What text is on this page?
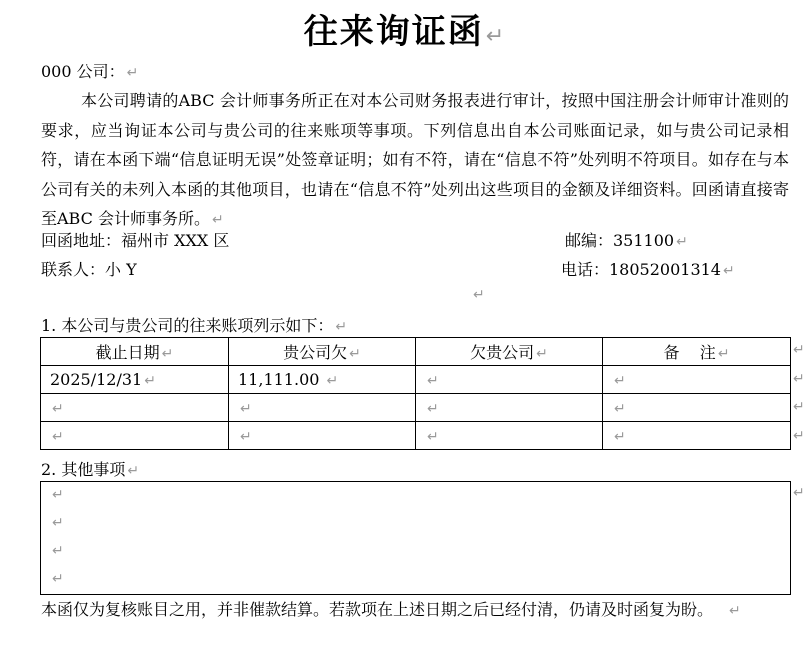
往来询证函↵
000 公司： ↵
本公司聘请的ABC 会计师事务所正在对本公司财务报表进行审计，按照中国注册会计师审计准则的要求，应当询证本公司与贵公司的往来账项等事项。下列信息出自本公司账面记录，如与贵公司记录相符，请在本函下端“信息证明无误”处签章证明；如有不符，请在“信息不符”处列明不符项目。如存在与本公司有关的未列入本函的其他项目，也请在“信息不符”处列出这些项目的金额及详细资料。回函请直接寄至ABC 会计师事务所。 ↵
回函地址：福州市 XXX 区	邮编：351100 ↵
联系人：小 Y	电话：18052001314 ↵
↵
1. 本公司与贵公司的往来账项列示如下： ↵
截止日期 ↵	贵公司欠 ↵	欠贵公司 ↵	备    注 ↵
2025/12/31 ↵	11,111.00 ↵	↵	↵
↵	↵	↵	↵
↵	↵	↵	↵
↵
↵
↵
↵
2. 其他事项 ↵
↵
↵
↵
↵
↵
本函仅为复核账目之用，并非催款结算。若款项在上述日期之后已经付清，仍请及时函复为盼。 ↵
